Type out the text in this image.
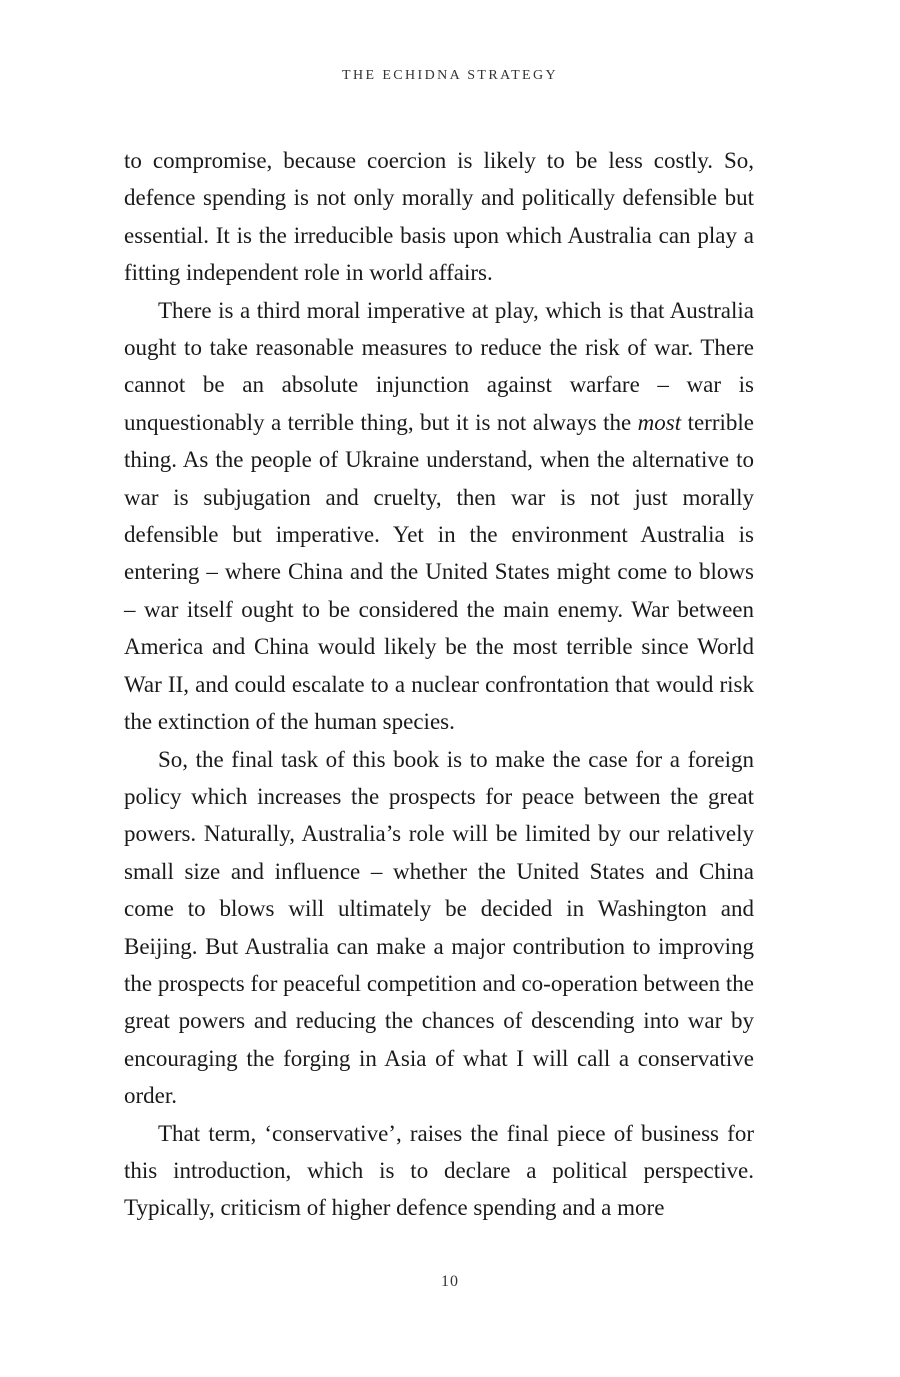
THE ECHIDNA STRATEGY

to compromise, because coercion is likely to be less costly. So, defence spending is not only morally and politically defensible but essential. It is the irreducible basis upon which Australia can play a fitting independent role in world affairs.

There is a third moral imperative at play, which is that Australia ought to take reasonable measures to reduce the risk of war. There cannot be an absolute injunction against warfare – war is unquestionably a terrible thing, but it is not always the most terrible thing. As the people of Ukraine understand, when the alternative to war is subjugation and cruelty, then war is not just morally defensible but imperative. Yet in the environment Australia is entering – where China and the United States might come to blows – war itself ought to be considered the main enemy. War between America and China would likely be the most terrible since World War II, and could escalate to a nuclear confrontation that would risk the extinction of the human species.

So, the final task of this book is to make the case for a foreign policy which increases the prospects for peace between the great powers. Naturally, Australia’s role will be limited by our relatively small size and influence – whether the United States and China come to blows will ultimately be decided in Washington and Beijing. But Australia can make a major contribution to improving the prospects for peaceful competition and co-operation between the great powers and reducing the chances of descending into war by encouraging the forging in Asia of what I will call a conservative order.

That term, ‘conservative’, raises the final piece of business for this introduction, which is to declare a political perspective. Typically, criticism of higher defence spending and a more

10
